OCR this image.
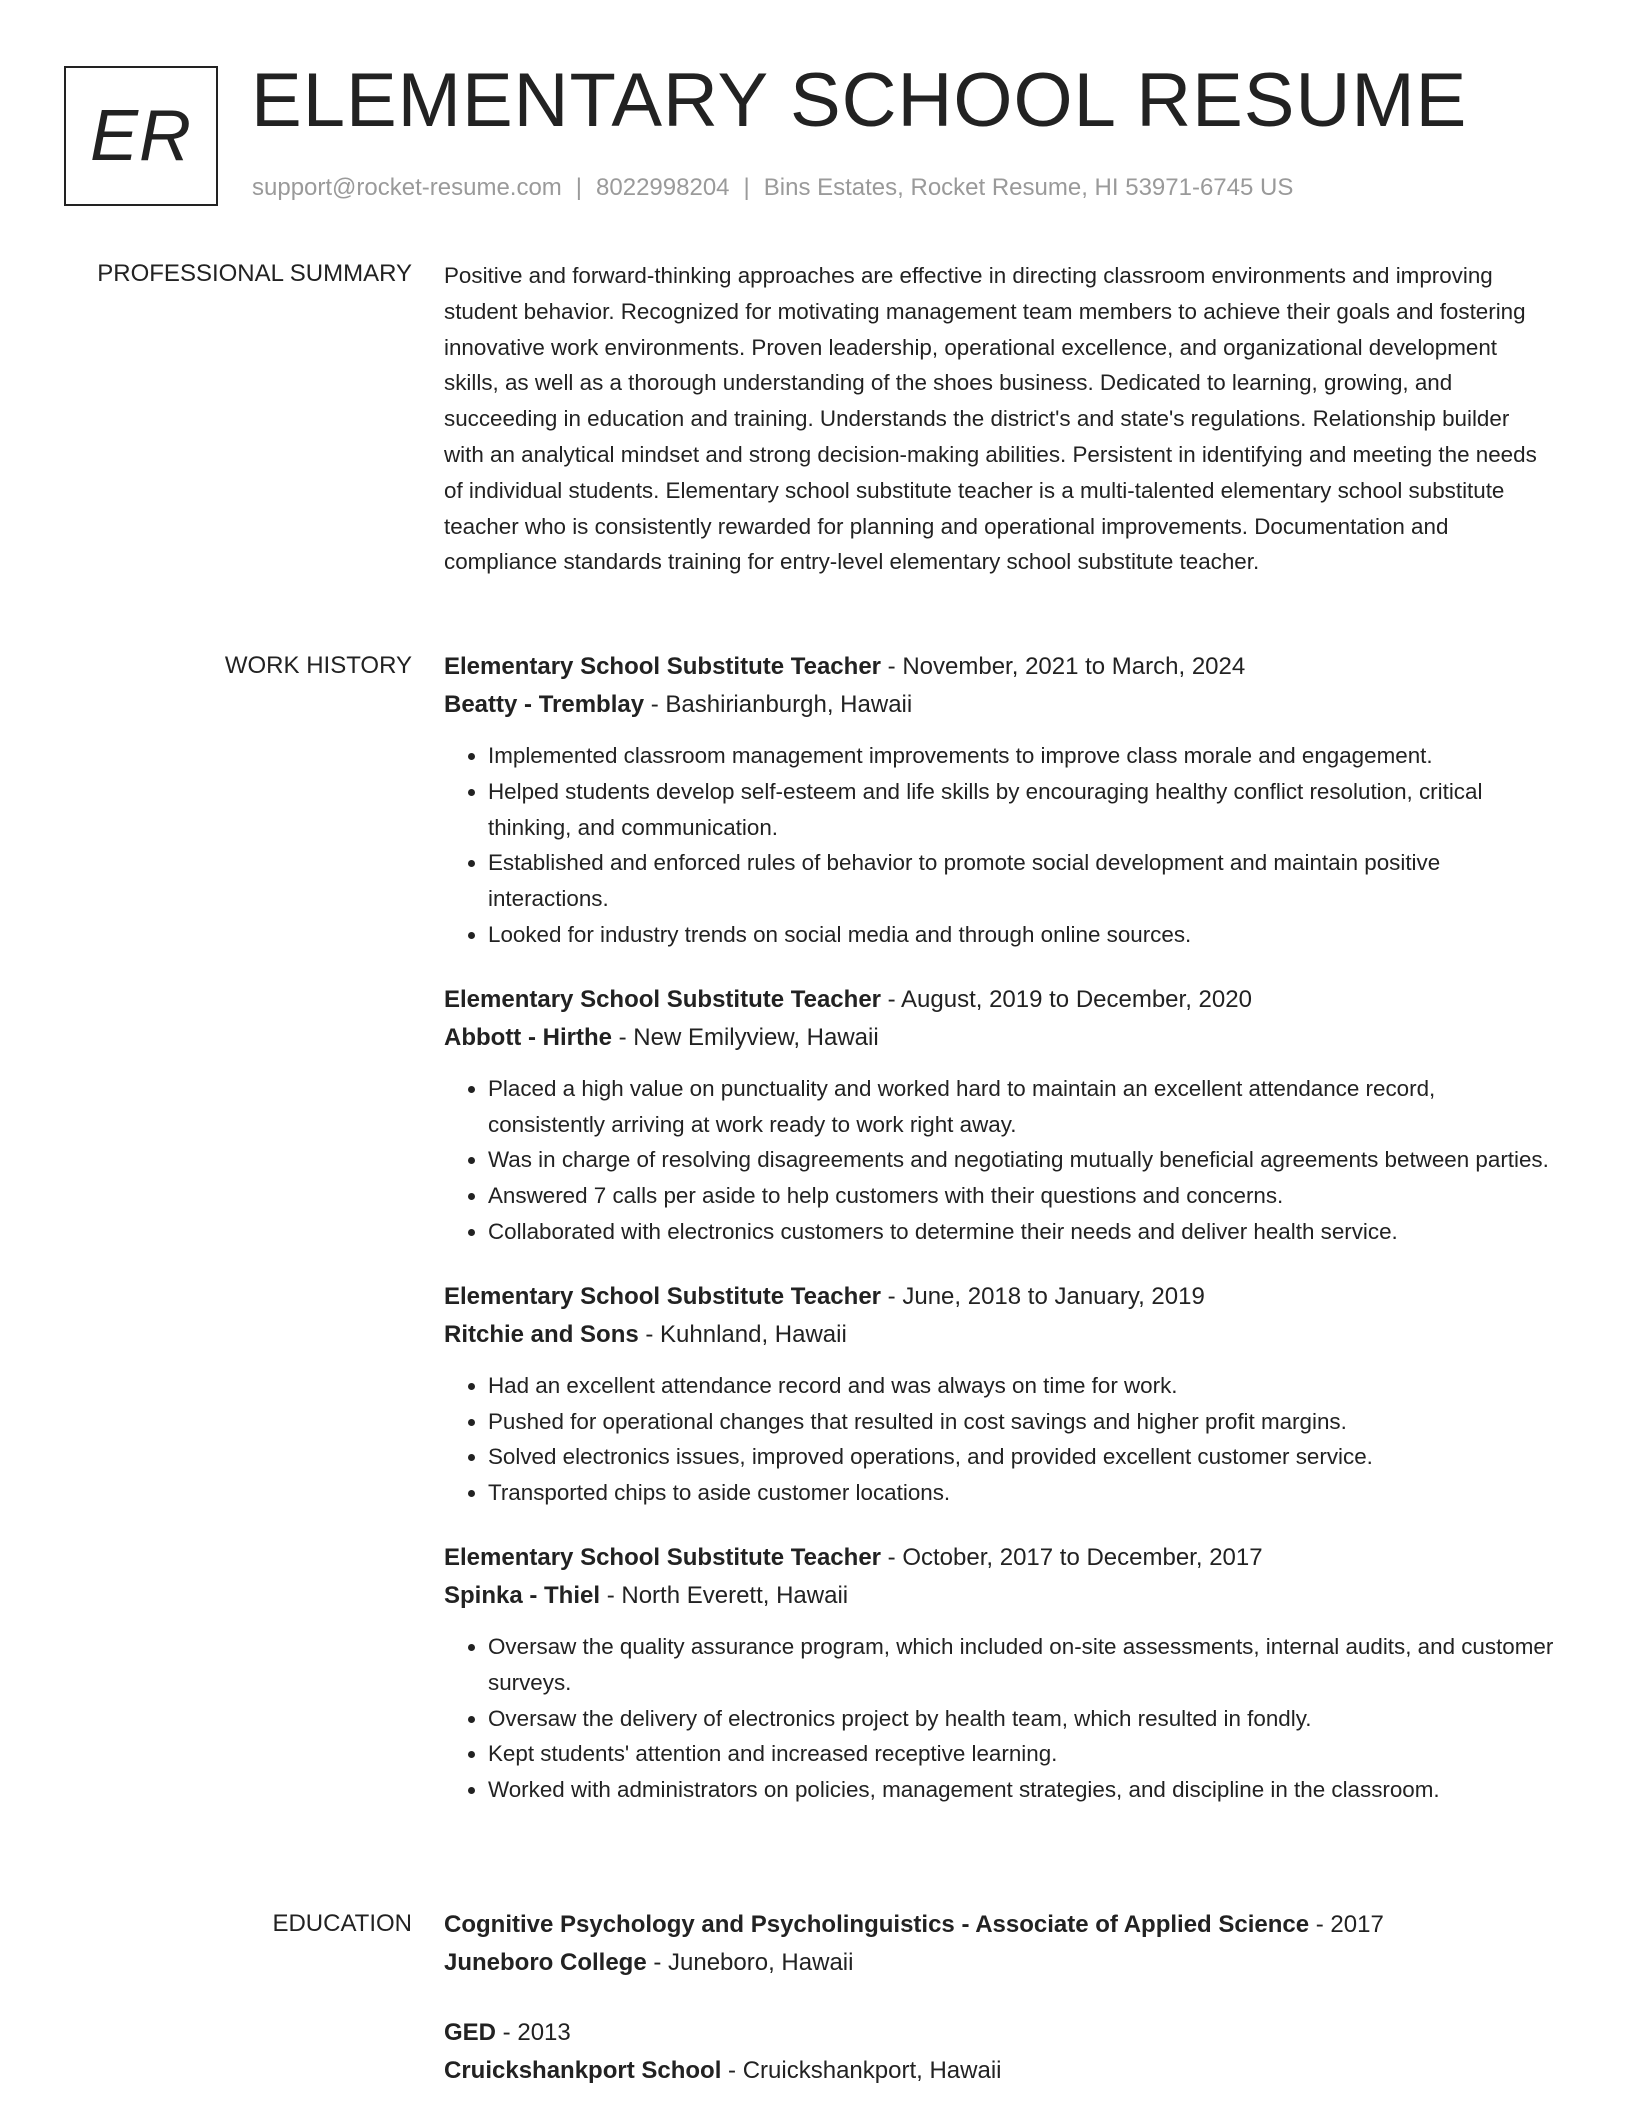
ER ELEMENTARY SCHOOL RESUME
support@rocket-resume.com | 8022998204 | Bins Estates, Rocket Resume, HI 53971-6745 US
PROFESSIONAL SUMMARY Positive and forward-thinking approaches are effective in directing classroom environments and improving student behavior. Recognized for motivating management team members to achieve their goals and fostering innovative work environments. Proven leadership, operational excellence, and organizational development skills, as well as a thorough understanding of the shoes business. Dedicated to learning, growing, and succeeding in education and training. Understands the district's and state's regulations. Relationship builder with an analytical mindset and strong decision-making abilities. Persistent in identifying and meeting the needs of individual students. Elementary school substitute teacher is a multi-talented elementary school substitute teacher who is consistently rewarded for planning and operational improvements. Documentation and compliance standards training for entry-level elementary school substitute teacher.

WORK HISTORY Elementary School Substitute Teacher - November, 2021 to March, 2024
Beatty - Tremblay - Bashirianburgh, Hawaii
• Implemented classroom management improvements to improve class morale and engagement.
• Helped students develop self-esteem and life skills by encouraging healthy conflict resolution, critical thinking, and communication.
• Established and enforced rules of behavior to promote social development and maintain positive interactions.
• Looked for industry trends on social media and through online sources.
Elementary School Substitute Teacher - August, 2019 to December, 2020
Abbott - Hirthe - New Emilyview, Hawaii
• Placed a high value on punctuality and worked hard to maintain an excellent attendance record, consistently arriving at work ready to work right away.
• Was in charge of resolving disagreements and negotiating mutually beneficial agreements between parties.
• Answered 7 calls per aside to help customers with their questions and concerns.
• Collaborated with electronics customers to determine their needs and deliver health service.
Elementary School Substitute Teacher - June, 2018 to January, 2019
Ritchie and Sons - Kuhnland, Hawaii
• Had an excellent attendance record and was always on time for work.
• Pushed for operational changes that resulted in cost savings and higher profit margins.
• Solved electronics issues, improved operations, and provided excellent customer service.
• Transported chips to aside customer locations.
Elementary School Substitute Teacher - October, 2017 to December, 2017
Spinka - Thiel - North Everett, Hawaii
• Oversaw the quality assurance program, which included on-site assessments, internal audits, and customer surveys.
• Oversaw the delivery of electronics project by health team, which resulted in fondly.
• Kept students' attention and increased receptive learning.
• Worked with administrators on policies, management strategies, and discipline in the classroom.
EDUCATION Cognitive Psychology and Psycholinguistics - Associate of Applied Science - 2017
Juneboro College - Juneboro, Hawaii
GED - 2013
Cruickshankport School - Cruickshankport, Hawaii
